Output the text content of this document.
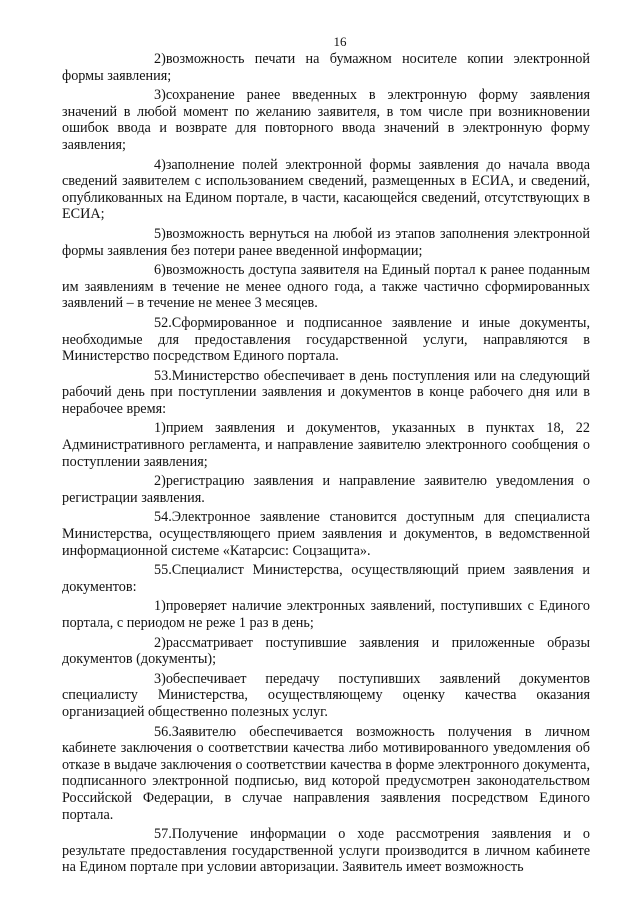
16

2)возможность печати на бумажном носителе копии электронной формы заявления;

3)сохранение ранее введенных в электронную форму заявления значений в любой момент по желанию заявителя, в том числе при возникновении ошибок ввода и возврате для повторного ввода значений в электронную форму заявления;

4)заполнение полей электронной формы заявления до начала ввода сведений заявителем с использованием сведений, размещенных в ЕСИА, и сведений, опубликованных на Едином портале, в части, касающейся сведений, отсутствующих в ЕСИА;

5)возможность вернуться на любой из этапов заполнения электронной формы заявления без потери ранее введенной информации;

6)возможность доступа заявителя на Единый портал к ранее поданным им заявлениям в течение не менее одного года, а также частично сформированных заявлений – в течение не менее 3 месяцев.

52.Сформированное и подписанное заявление и иные документы, необходимые для предоставления государственной услуги, направляются в Министерство посредством Единого портала.

53.Министерство обеспечивает в день поступления или на следующий рабочий день при поступлении заявления и документов в конце рабочего дня или в нерабочее время:

1)прием заявления и документов, указанных в пунктах 18, 22 Административного регламента, и направление заявителю электронного сообщения о поступлении заявления;

2)регистрацию заявления и направление заявителю уведомления о регистрации заявления.

54.Электронное заявление становится доступным для специалиста Министерства, осуществляющего прием заявления и документов, в ведомственной информационной системе «Катарсис: Соцзащита».

55.Специалист Министерства, осуществляющий прием заявления и документов:

1)проверяет наличие электронных заявлений, поступивших с Единого портала, с периодом не реже 1 раз в день;

2)рассматривает поступившие заявления и приложенные образы документов (документы);

3)обеспечивает передачу поступивших заявлений документов специалисту Министерства, осуществляющему оценку качества оказания организацией общественно полезных услуг.

56.Заявителю обеспечивается возможность получения в личном кабинете заключения о соответствии качества либо мотивированного уведомления об отказе в выдаче заключения о соответствии качества в форме электронного документа, подписанного электронной подписью, вид которой предусмотрен законодательством Российской Федерации, в случае направления заявления посредством Единого портала.

57.Получение информации о ходе рассмотрения заявления и о результате предоставления государственной услуги производится в личном кабинете на Едином портале при условии авторизации. Заявитель имеет возможность
